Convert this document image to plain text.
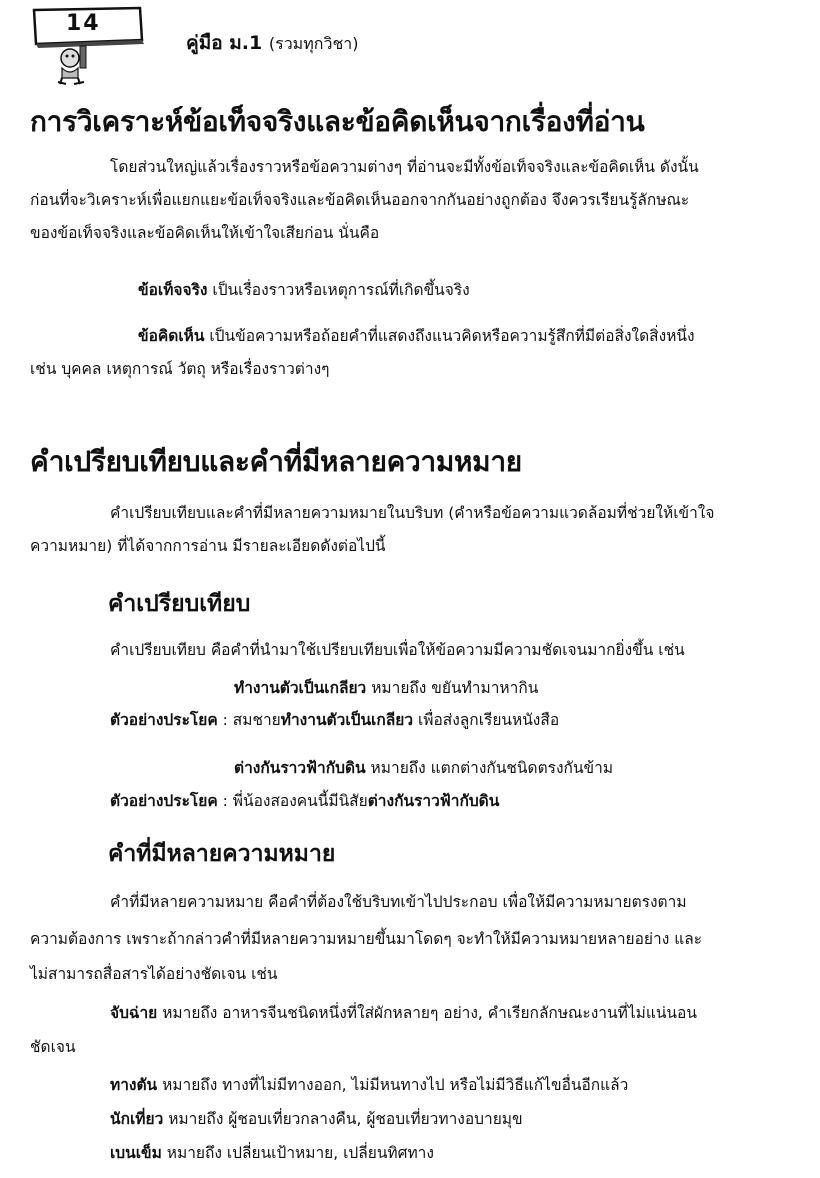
14
คู่มือ ม.1 (รวมทุกวิชา)
การวิเคราะห์ข้อเท็จจริงและข้อคิดเห็นจากเรื่องที่อ่าน
โดยส่วนใหญ่แล้วเรื่องราวหรือข้อความต่างๆ ที่อ่านจะมีทั้งข้อเท็จจริงและข้อคิดเห็น ดังนั้น
ก่อนที่จะวิเคราะห์เพื่อแยกแยะข้อเท็จจริงและข้อคิดเห็นออกจากกันอย่างถูกต้อง จึงควรเรียนรู้ลักษณะ
ของข้อเท็จจริงและข้อคิดเห็นให้เข้าใจเสียก่อน นั่นคือ
ข้อเท็จจริง เป็นเรื่องราวหรือเหตุการณ์ที่เกิดขึ้นจริง
ข้อคิดเห็น เป็นข้อความหรือถ้อยคำที่แสดงถึงแนวคิดหรือความรู้สึกที่มีต่อสิ่งใดสิ่งหนึ่ง
เช่น บุคคล เหตุการณ์ วัตถุ หรือเรื่องราวต่างๆ
คำเปรียบเทียบและคำที่มีหลายความหมาย
คำเปรียบเทียบและคำที่มีหลายความหมายในบริบท (คำหรือข้อความแวดล้อมที่ช่วยให้เข้าใจ
ความหมาย) ที่ได้จากการอ่าน มีรายละเอียดดังต่อไปนี้
คำเปรียบเทียบ
คำเปรียบเทียบ คือคำที่นำมาใช้เปรียบเทียบเพื่อให้ข้อความมีความชัดเจนมากยิ่งขึ้น เช่น
ทำงานตัวเป็นเกลียว หมายถึง ขยันทำมาหากิน
ตัวอย่างประโยค : สมชายทำงานตัวเป็นเกลียว เพื่อส่งลูกเรียนหนังสือ
ต่างกันราวฟ้ากับดิน หมายถึง แตกต่างกันชนิดตรงกันข้าม
ตัวอย่างประโยค : พี่น้องสองคนนี้มีนิสัยต่างกันราวฟ้ากับดิน
คำที่มีหลายความหมาย
คำที่มีหลายความหมาย คือคำที่ต้องใช้บริบทเข้าไปประกอบ เพื่อให้มีความหมายตรงตาม
ความต้องการ เพราะถ้ากล่าวคำที่มีหลายความหมายขึ้นมาโดดๆ จะทำให้มีความหมายหลายอย่าง และ
ไม่สามารถสื่อสารได้อย่างชัดเจน เช่น
จับฉ่าย หมายถึง อาหารจีนชนิดหนึ่งที่ใส่ผักหลายๆ อย่าง, คำเรียกลักษณะงานที่ไม่แน่นอน
ชัดเจน
ทางตัน หมายถึง ทางที่ไม่มีทางออก, ไม่มีหนทางไป หรือไม่มีวิธีแก้ไขอื่นอีกแล้ว
นักเที่ยว หมายถึง ผู้ชอบเที่ยวกลางคืน, ผู้ชอบเที่ยวทางอบายมุข
เบนเข็ม หมายถึง เปลี่ยนเป้าหมาย, เปลี่ยนทิศทาง
